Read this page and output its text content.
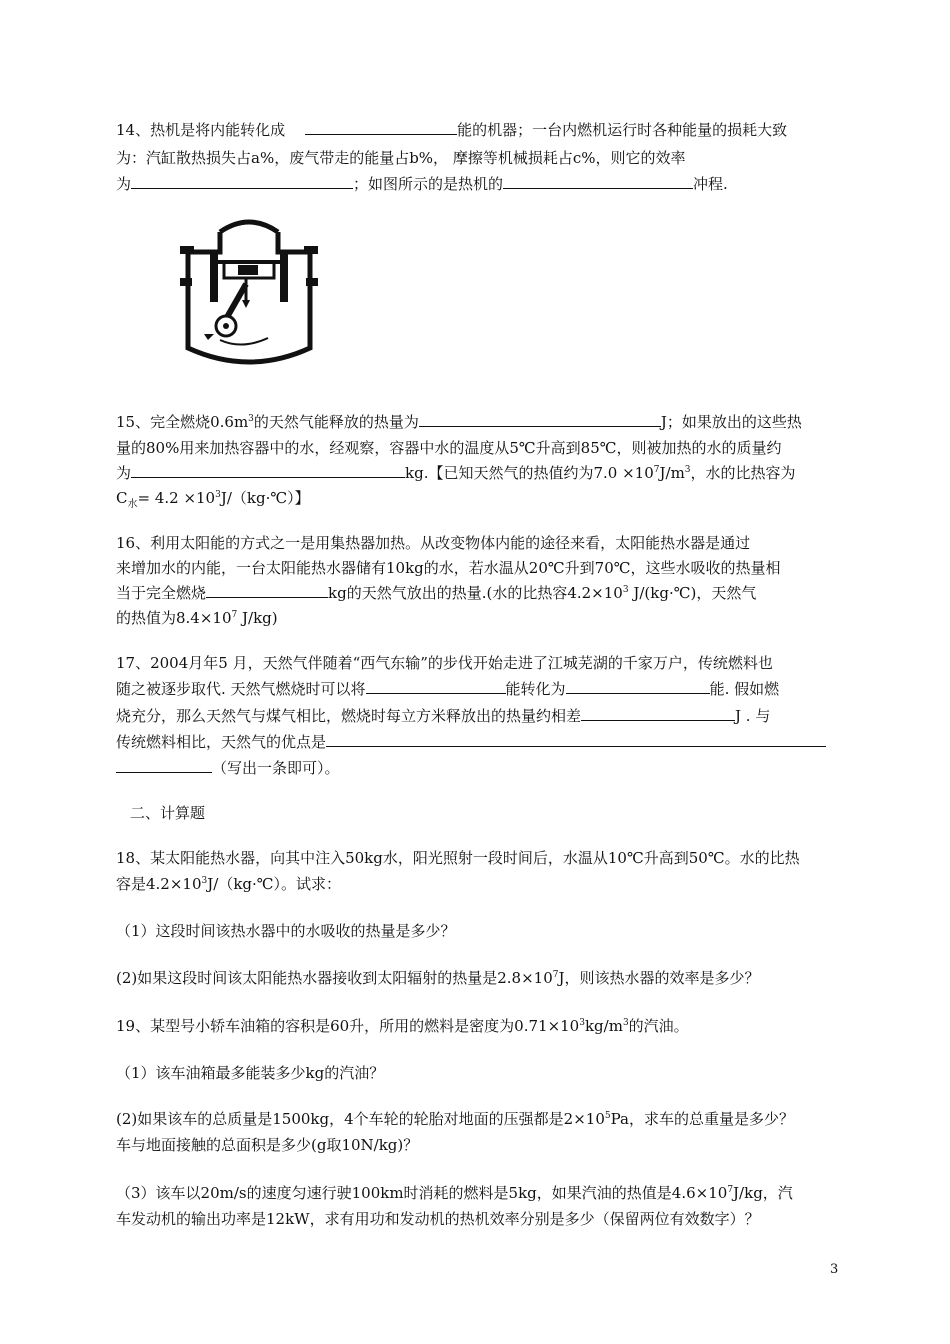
14、热机是将内能转化成	能的机器；一台内燃机运行时各种能量的损耗大致
为：汽缸散热损失占a%，废气带走的能量占b%， 摩擦等机械损耗占c%，则它的效率
为	；如图所示的是热机的	冲程.
15、完全燃烧$0.6m^3$的天然气能释放的热量为	J；如果放出的这些热
量的80%用来加热容器中的水，经观察，容器中水的温度从5℃升高到85℃，则被加热的水的质量约
为	kg.【已知天然气的热值约为$7.0 \times 10^7J/m^3$，水的比热容为
$C_水= 4.2$ $\times 10^3J/(kg\cdot℃)$】
16、利用太阳能的方式之一是用集热器加热。从改变物体内能的途径来看，太阳能热水器是通过
来增加水的内能，一台太阳能热水器储有10kg的水，若水温从20℃升到70℃，这些水吸收的热量相
当于完全燃烧	kg的天然气放出的热量.(水的比热容$4.2\times 10^3$ J/(kg·℃)，天然气
的热值为$8.4\times 10^7$ J/kg)
17、2004月年5 月，天然气伴随着“西气东输”的步伐开始走进了江城芜湖的千家万户，传统燃料也
随之被逐步取代. 天然气燃烧时可以将	能转化为	能. 假如燃
烧充分，那么天然气与煤气相比，燃烧时每立方米释放出的热量约相差	J . 与
传统燃料相比，天然气的优点是
（写出一条即可）。
二、计算题
18、某太阳能热水器，向其中注入50kg水，阳光照射一段时间后，水温从10℃升高到50℃。水的比热
容是$4.2\times 10^3J/(kg\cdot℃)$。试求：
（1）这段时间该热水器中的水吸收的热量是多少？
(2)如果这段时间该太阳能热水器接收到太阳辐射的热量是$2.8\times 10^7J$，则该热水器的效率是多少？
19、某型号小轿车油箱的容积是60升，所用的燃料是密度为$0.71\times 10^3kg/m^3$的汽油。
（1）该车油箱最多能装多少kg的汽油？
(2)如果该车的总质量是1500kg，4个车轮的轮胎对地面的压强都是$2\times 10^5Pa$，求车的总重量是多少？
车与地面接触的总面积是多少(g取10N/kg)？
（3）该车以20m/s的速度匀速行驶100km时消耗的燃料是5kg，如果汽油的热值是$4.6\times 10^7J/kg$，汽
车发动机的输出功率是12kW，求有用功和发动机的热机效率分别是多少（保留两位有效数字）？
3
